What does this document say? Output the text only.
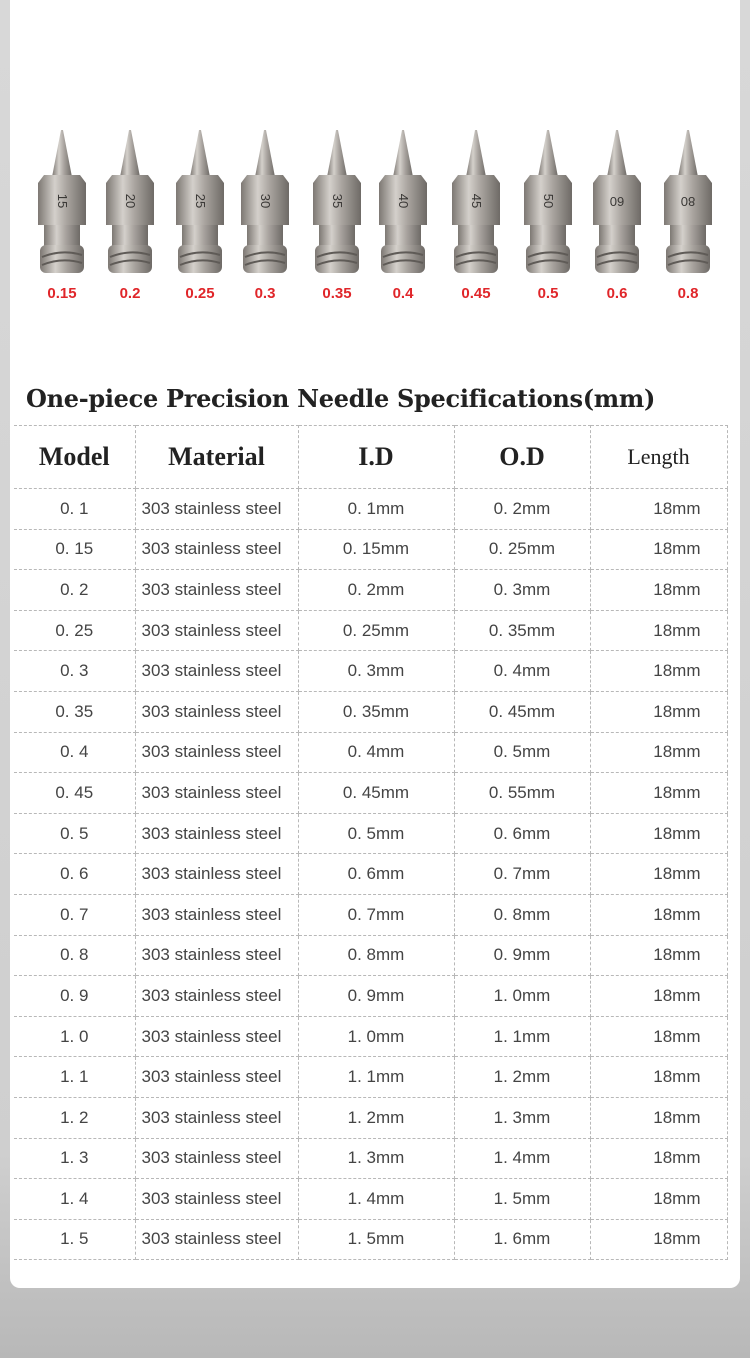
15	20	25	30	35	40	45	50	60	80
0.15	0.2	0.25	0.3	0.35	0.4	0.45	0.5	0.6	0.8
One-piece Precision Needle Specifications(mm)
Model	Material	I.D	O.D	Length
0. 1	303 stainless steel	0. 1mm	0. 2mm	18mm
0. 15	303 stainless steel	0. 15mm	0. 25mm	18mm
0. 2	303 stainless steel	0. 2mm	0. 3mm	18mm
0. 25	303 stainless steel	0. 25mm	0. 35mm	18mm
0. 3	303 stainless steel	0. 3mm	0. 4mm	18mm
0. 35	303 stainless steel	0. 35mm	0. 45mm	18mm
0. 4	303 stainless steel	0. 4mm	0. 5mm	18mm
0. 45	303 stainless steel	0. 45mm	0. 55mm	18mm
0. 5	303 stainless steel	0. 5mm	0. 6mm	18mm
0. 6	303 stainless steel	0. 6mm	0. 7mm	18mm
0. 7	303 stainless steel	0. 7mm	0. 8mm	18mm
0. 8	303 stainless steel	0. 8mm	0. 9mm	18mm
0. 9	303 stainless steel	0. 9mm	1. 0mm	18mm
1. 0	303 stainless steel	1. 0mm	1. 1mm	18mm
1. 1	303 stainless steel	1. 1mm	1. 2mm	18mm
1. 2	303 stainless steel	1. 2mm	1. 3mm	18mm
1. 3	303 stainless steel	1. 3mm	1. 4mm	18mm
1. 4	303 stainless steel	1. 4mm	1. 5mm	18mm
1. 5	303 stainless steel	1. 5mm	1. 6mm	18mm
